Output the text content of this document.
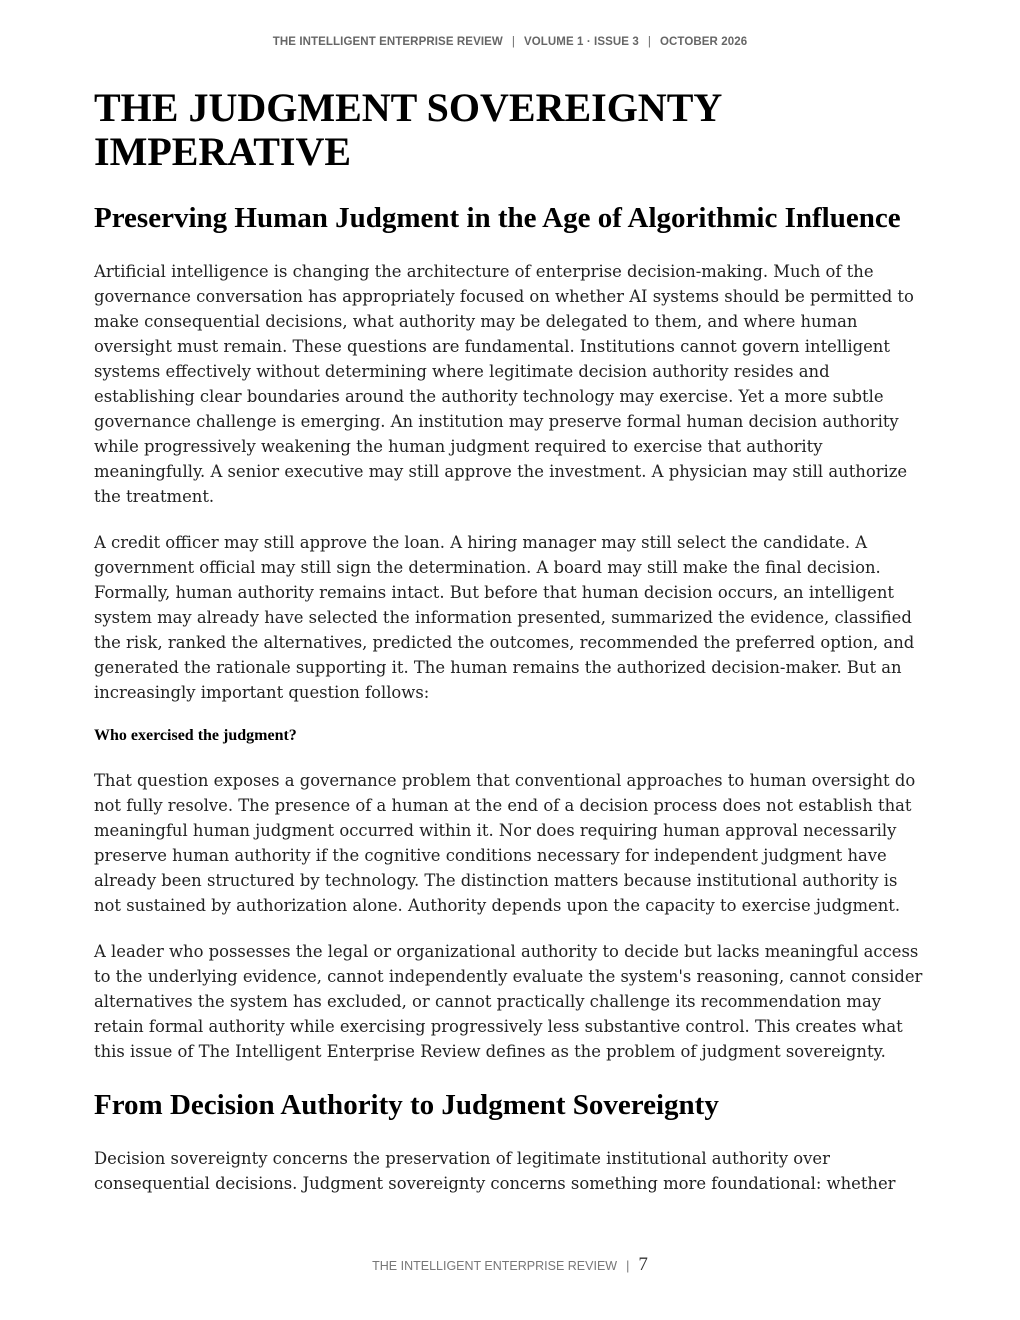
THE INTELLIGENT ENTERPRISE REVIEW | VOLUME 1 · ISSUE 3 | OCTOBER 2026
THE JUDGMENT SOVEREIGNTY IMPERATIVE
Preserving Human Judgment in the Age of Algorithmic Influence

Artificial intelligence is changing the architecture of enterprise decision-making. Much of the governance conversation has appropriately focused on whether AI systems should be permitted to make consequential decisions, what authority may be delegated to them, and where human oversight must remain. These questions are fundamental. Institutions cannot govern intelligent systems effectively without determining where legitimate decision authority resides and establishing clear boundaries around the authority technology may exercise. Yet a more subtle governance challenge is emerging. An institution may preserve formal human decision authority while progressively weakening the human judgment required to exercise that authority meaningfully. A senior executive may still approve the investment. A physician may still authorize the treatment.

A credit officer may still approve the loan. A hiring manager may still select the candidate. A government official may still sign the determination. A board may still make the final decision. Formally, human authority remains intact. But before that human decision occurs, an intelligent system may already have selected the information presented, summarized the evidence, classified the risk, ranked the alternatives, predicted the outcomes, recommended the preferred option, and generated the rationale supporting it. The human remains the authorized decision-maker. But an increasingly important question follows:

Who exercised the judgment?

That question exposes a governance problem that conventional approaches to human oversight do not fully resolve. The presence of a human at the end of a decision process does not establish that meaningful human judgment occurred within it. Nor does requiring human approval necessarily preserve human authority if the cognitive conditions necessary for independent judgment have already been structured by technology. The distinction matters because institutional authority is not sustained by authorization alone. Authority depends upon the capacity to exercise judgment.

A leader who possesses the legal or organizational authority to decide but lacks meaningful access to the underlying evidence, cannot independently evaluate the system's reasoning, cannot consider alternatives the system has excluded, or cannot practically challenge its recommendation may retain formal authority while exercising progressively less substantive control. This creates what this issue of The Intelligent Enterprise Review defines as the problem of judgment sovereignty.

From Decision Authority to Judgment Sovereignty

Decision sovereignty concerns the preservation of legitimate institutional authority over consequential decisions. Judgment sovereignty concerns something more foundational: whether

THE INTELLIGENT ENTERPRISE REVIEW | 7
